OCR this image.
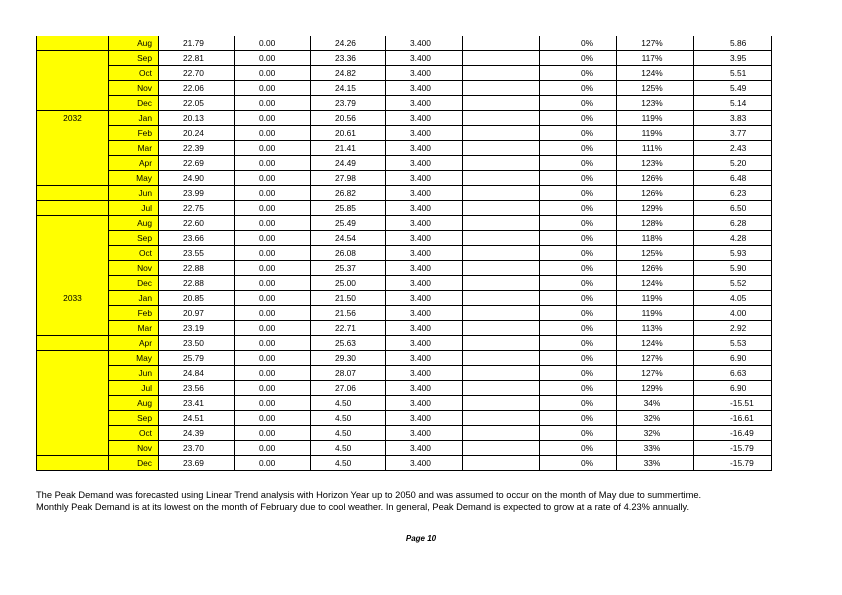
	Aug	21.79	0.00	24.26	3.400		0%	127%	5.86
	Sep	22.81	0.00	23.36	3.400		0%	117%	3.95
	Oct	22.70	0.00	24.82	3.400		0%	124%	5.51
	Nov	22.06	0.00	24.15	3.400		0%	125%	5.49
	Dec	22.05	0.00	23.79	3.400		0%	123%	5.14
2032	Jan	20.13	0.00	20.56	3.400		0%	119%	3.83
	Feb	20.24	0.00	20.61	3.400		0%	119%	3.77
	Mar	22.39	0.00	21.41	3.400		0%	111%	2.43
	Apr	22.69	0.00	24.49	3.400		0%	123%	5.20
	May	24.90	0.00	27.98	3.400		0%	126%	6.48
	Jun	23.99	0.00	26.82	3.400		0%	126%	6.23
	Jul	22.75	0.00	25.85	3.400		0%	129%	6.50
	Aug	22.60	0.00	25.49	3.400		0%	128%	6.28
	Sep	23.66	0.00	24.54	3.400		0%	118%	4.28
	Oct	23.55	0.00	26.08	3.400		0%	125%	5.93
	Nov	22.88	0.00	25.37	3.400		0%	126%	5.90
	Dec	22.88	0.00	25.00	3.400		0%	124%	5.52
2033	Jan	20.85	0.00	21.50	3.400		0%	119%	4.05
	Feb	20.97	0.00	21.56	3.400		0%	119%	4.00
	Mar	23.19	0.00	22.71	3.400		0%	113%	2.92
	Apr	23.50	0.00	25.63	3.400		0%	124%	5.53
	May	25.79	0.00	29.30	3.400		0%	127%	6.90
	Jun	24.84	0.00	28.07	3.400		0%	127%	6.63
	Jul	23.56	0.00	27.06	3.400		0%	129%	6.90
	Aug	23.41	0.00	4.50	3.400		0%	34%	-15.51
	Sep	24.51	0.00	4.50	3.400		0%	32%	-16.61
	Oct	24.39	0.00	4.50	3.400		0%	32%	-16.49
	Nov	23.70	0.00	4.50	3.400		0%	33%	-15.79
	Dec	23.69	0.00	4.50	3.400		0%	33%	-15.79
The Peak Demand was forecasted using Linear Trend analysis with Horizon Year up to 2050 and was assumed to occur on the month of May due to summertime.
Monthly Peak Demand is at its lowest on the month of February due to cool weather. In general, Peak Demand is expected to grow at a rate of 4.23% annually.
Page 10
